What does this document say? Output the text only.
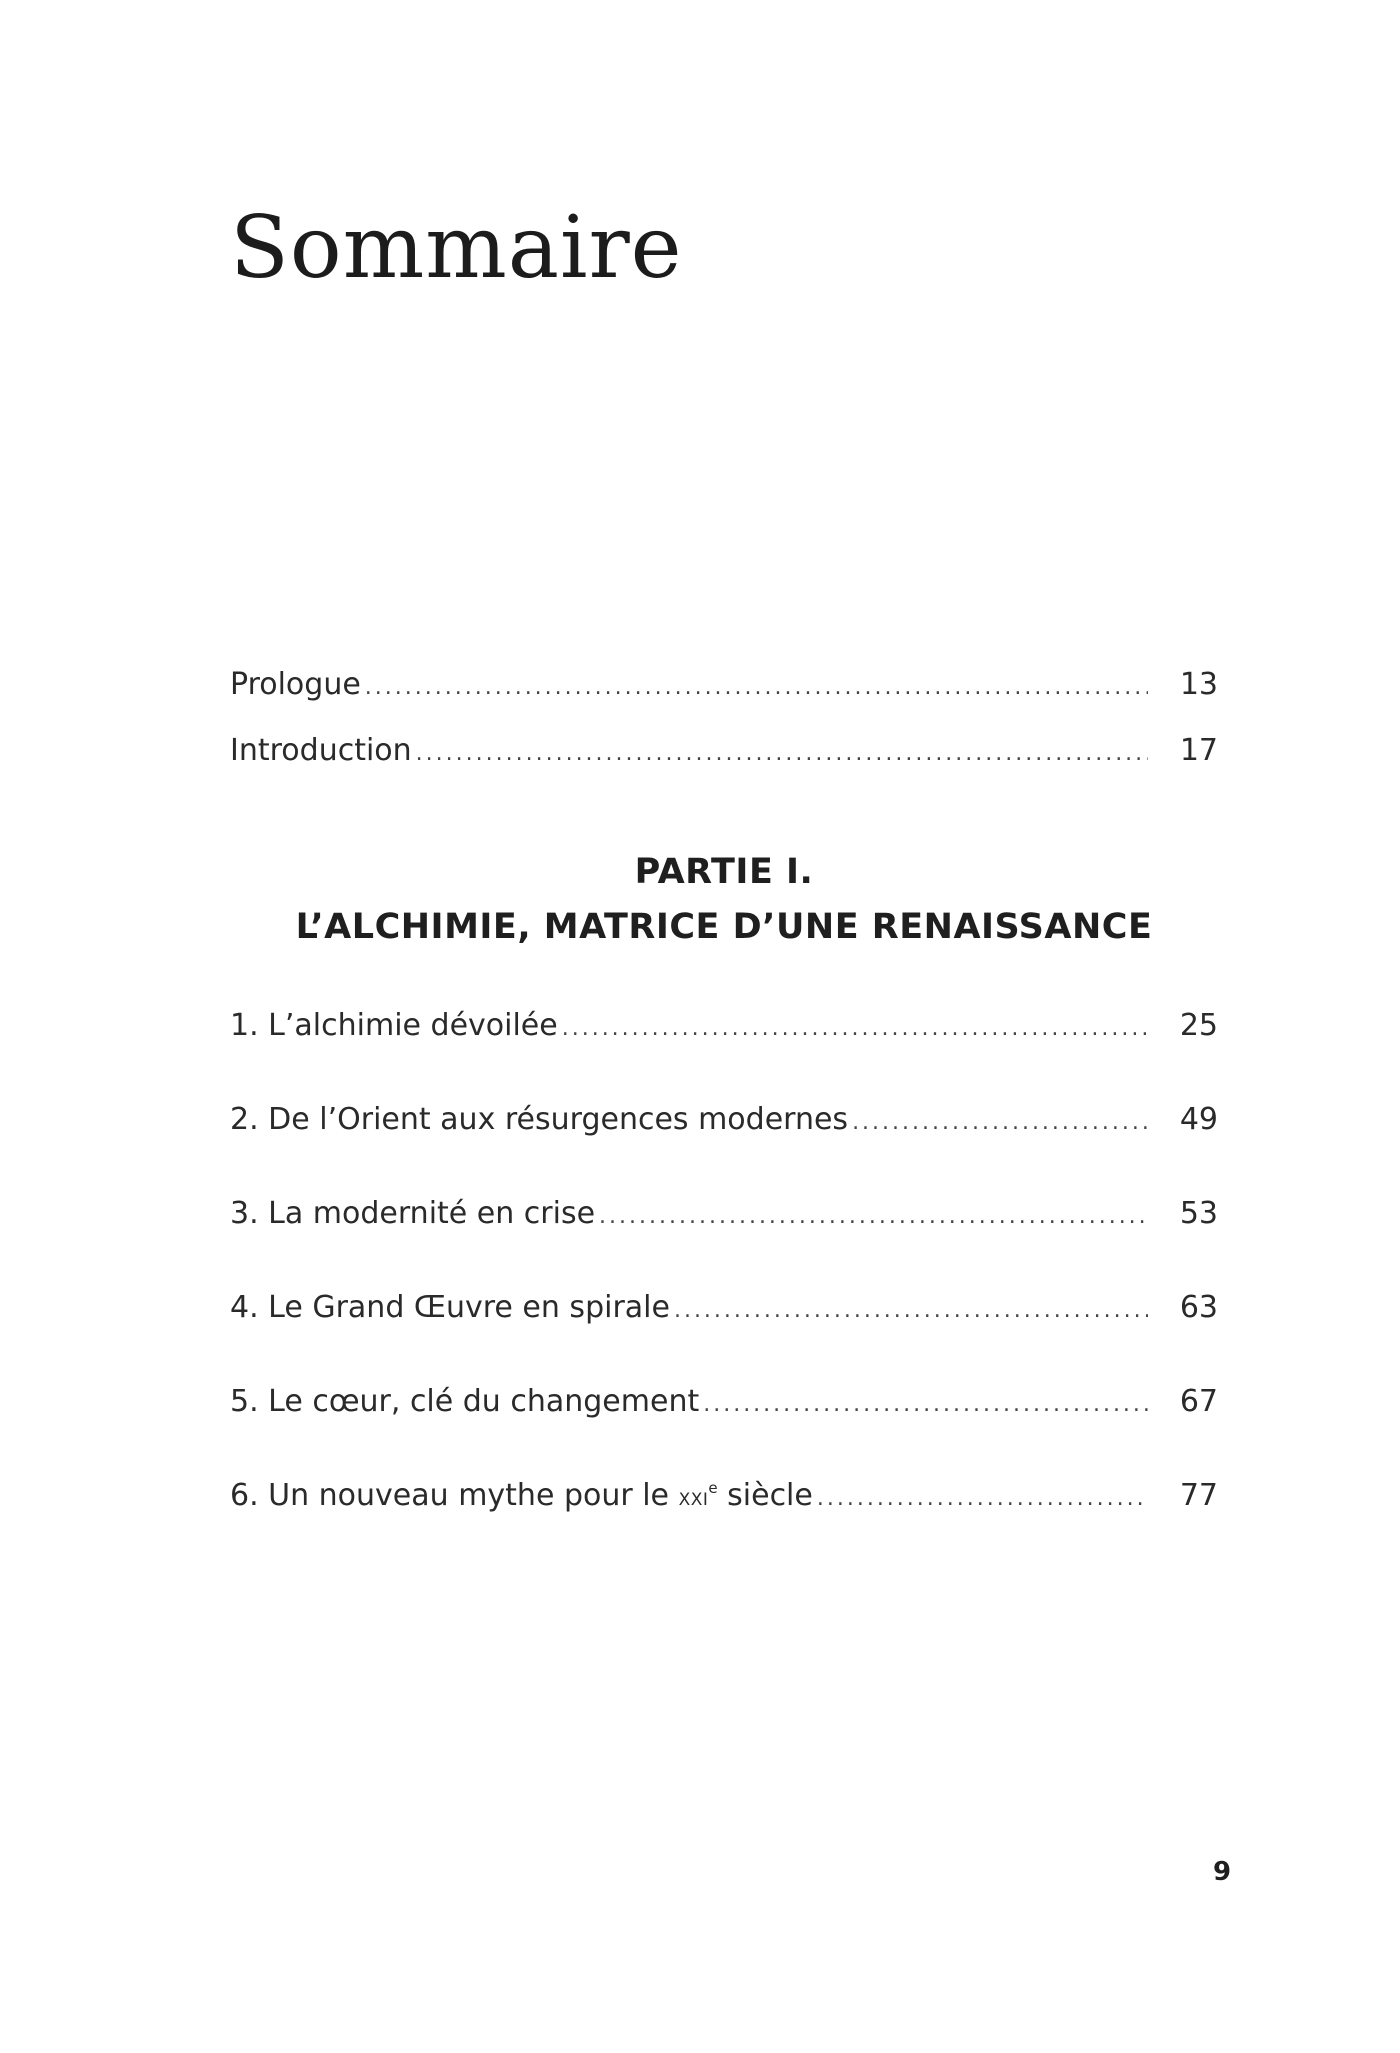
Sommaire
Prologue .....	13
Introduction .....	17
PARTIE I.
L’ALCHIMIE, MATRICE D’UNE RENAISSANCE
1. L’alchimie dévoilée .....	25
2. De l’Orient aux résurgences modernes .....	49
3. La modernité en crise .....	53
4. Le Grand Œuvre en spirale .....	63
5. Le cœur, clé du changement .....	67
6. Un nouveau mythe pour le XXIe siècle .....	77
9
